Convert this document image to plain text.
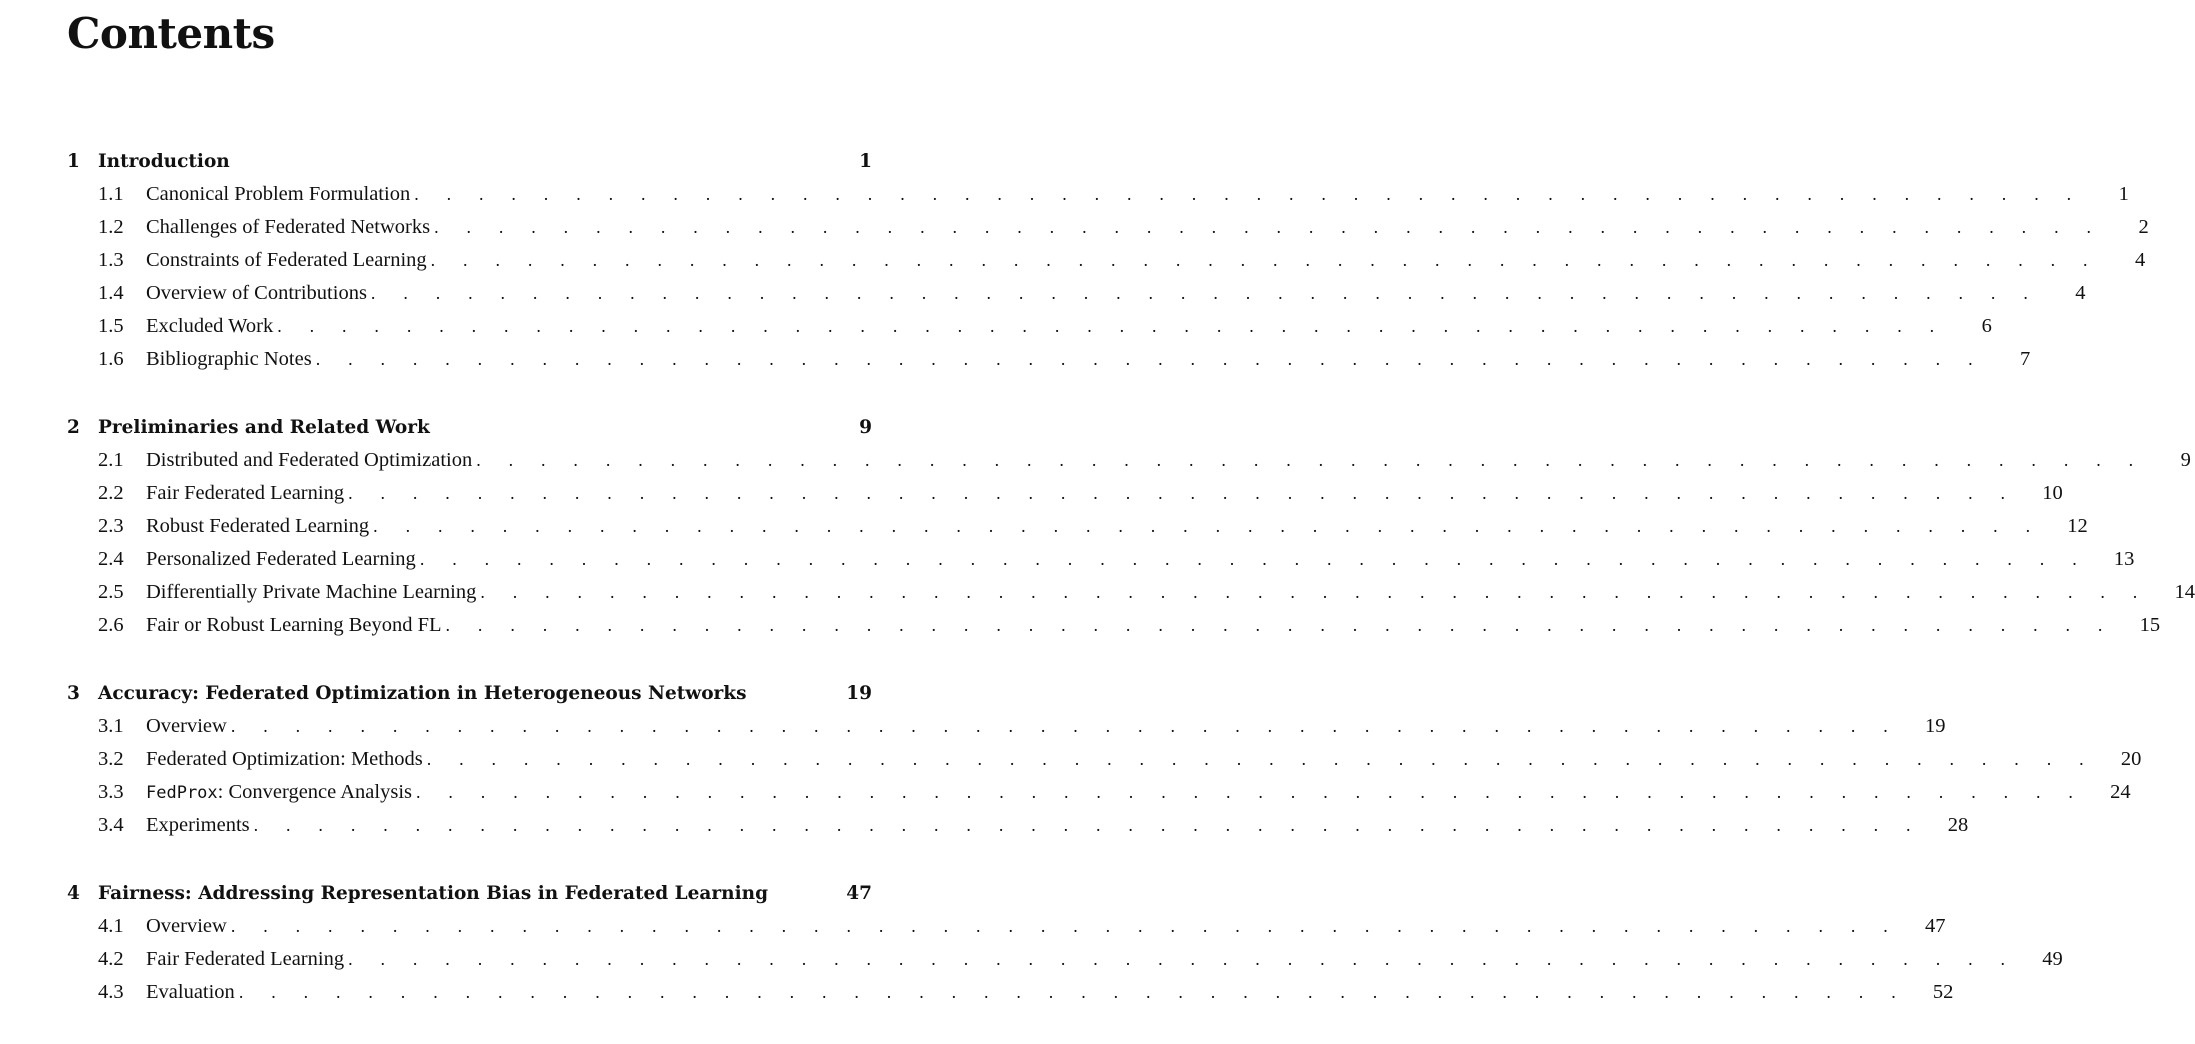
Contents
1 Introduction	1
1.1	Canonical Problem Formulation . . . . . . . . . . . . . . . . . . . . . . . . . . . . . . . . . . . . . . . . . . . . . . . . . . . .	1
1.2	Challenges of Federated Networks . . . . . . . . . . . . . . . . . . . . . . . . . . . . . . . . . . . . . . . . . . . . . . . . . . . .	2
1.3	Constraints of Federated Learning . . . . . . . . . . . . . . . . . . . . . . . . . . . . . . . . . . . . . . . . . . . . . . . . . . . .	4
1.4	Overview of Contributions . . . . . . . . . . . . . . . . . . . . . . . . . . . . . . . . . . . . . . . . . . . . . . . . . . . .	4
1.5	Excluded Work . . . . . . . . . . . . . . . . . . . . . . . . . . . . . . . . . . . . . . . . . . . . . . . . . . . .	6
1.6	Bibliographic Notes . . . . . . . . . . . . . . . . . . . . . . . . . . . . . . . . . . . . . . . . . . . . . . . . . . . .	7
2 Preliminaries and Related Work	9
2.1	Distributed and Federated Optimization . . . . . . . . . . . . . . . . . . . . . . . . . . . . . . . . . . . . . . . . . . . . . . . . . . . .	9
2.2	Fair Federated Learning . . . . . . . . . . . . . . . . . . . . . . . . . . . . . . . . . . . . . . . . . . . . . . . . . . . .	10
2.3	Robust Federated Learning . . . . . . . . . . . . . . . . . . . . . . . . . . . . . . . . . . . . . . . . . . . . . . . . . . . .	12
2.4	Personalized Federated Learning . . . . . . . . . . . . . . . . . . . . . . . . . . . . . . . . . . . . . . . . . . . . . . . . . . . .	13
2.5	Differentially Private Machine Learning . . . . . . . . . . . . . . . . . . . . . . . . . . . . . . . . . . . . . . . . . . . . . . . . . . . .	14
2.6	Fair or Robust Learning Beyond FL . . . . . . . . . . . . . . . . . . . . . . . . . . . . . . . . . . . . . . . . . . . . . . . . . . . .	15
3 Accuracy: Federated Optimization in Heterogeneous Networks	19
3.1	Overview . . . . . . . . . . . . . . . . . . . . . . . . . . . . . . . . . . . . . . . . . . . . . . . . . . . .	19
3.2	Federated Optimization: Methods . . . . . . . . . . . . . . . . . . . . . . . . . . . . . . . . . . . . . . . . . . . . . . . . . . . .	20
3.3	FedProx: Convergence Analysis . . . . . . . . . . . . . . . . . . . . . . . . . . . . . . . . . . . . . . . . . . . . . . . . . . . .	24
3.4	Experiments . . . . . . . . . . . . . . . . . . . . . . . . . . . . . . . . . . . . . . . . . . . . . . . . . . . .	28
4 Fairness: Addressing Representation Bias in Federated Learning	47
4.1	Overview . . . . . . . . . . . . . . . . . . . . . . . . . . . . . . . . . . . . . . . . . . . . . . . . . . . .	47
4.2	Fair Federated Learning . . . . . . . . . . . . . . . . . . . . . . . . . . . . . . . . . . . . . . . . . . . . . . . . . . . .	49
4.3	Evaluation . . . . . . . . . . . . . . . . . . . . . . . . . . . . . . . . . . . . . . . . . . . . . . . . . . . .	52
